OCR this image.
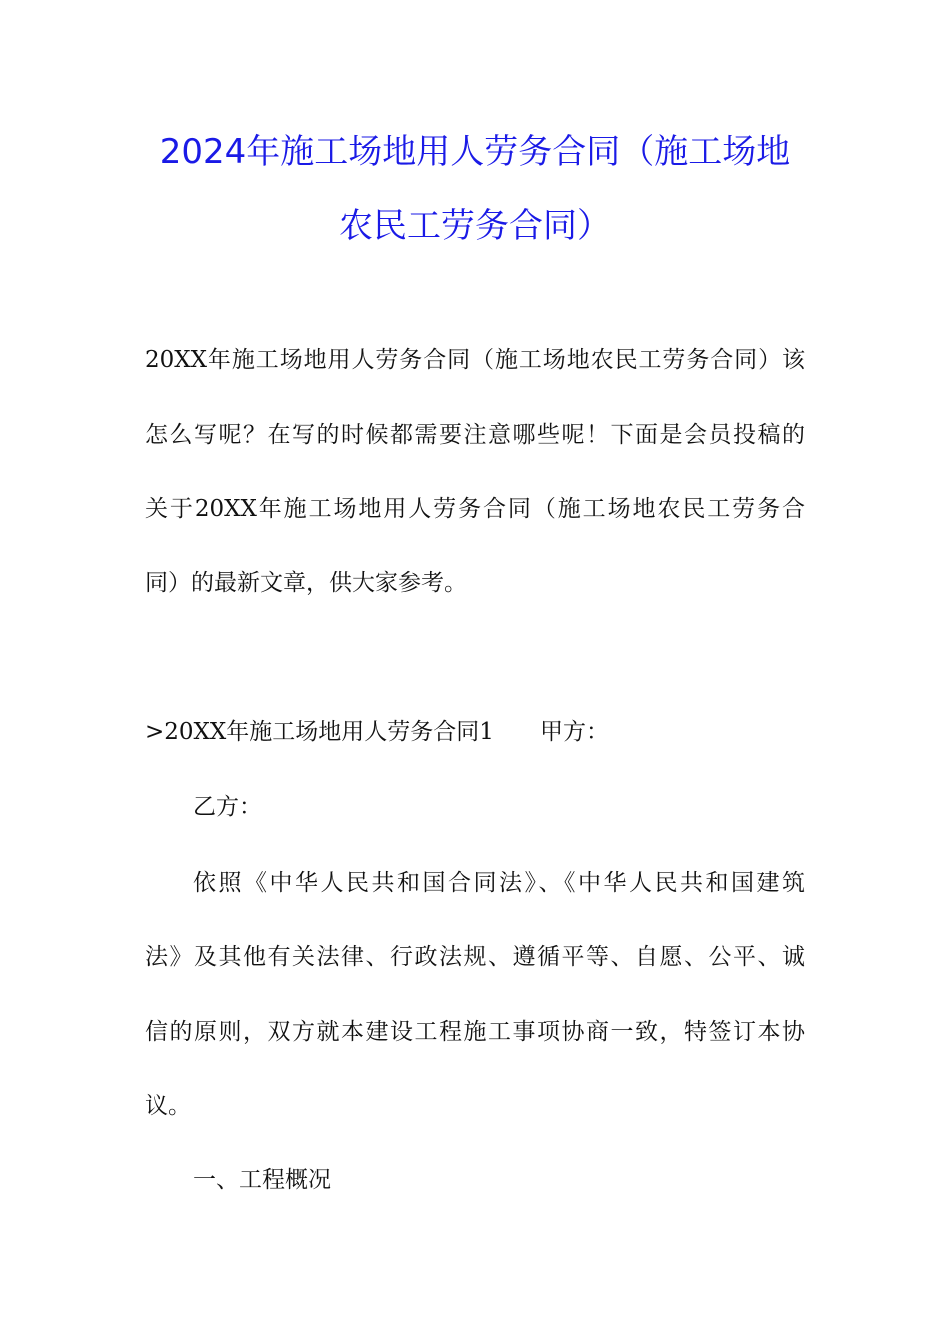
2024年施工场地用人劳务合同（施工场地
农民工劳务合同）
20XX年施工场地用人劳务合同（施工场地农民工劳务合同）该
怎么写呢？在写的时候都需要注意哪些呢！下面是会员投稿的
关于20XX年施工场地用人劳务合同（施工场地农民工劳务合
同）的最新文章，供大家参考。
>20XX年施工场地用人劳务合同1	甲方：
乙方：
依照《中华人民共和国合同法》、《中华人民共和国建筑
法》及其他有关法律、行政法规、遵循平等、自愿、公平、诚
信的原则，双方就本建设工程施工事项协商一致，特签订本协
议。
一、工程概况
